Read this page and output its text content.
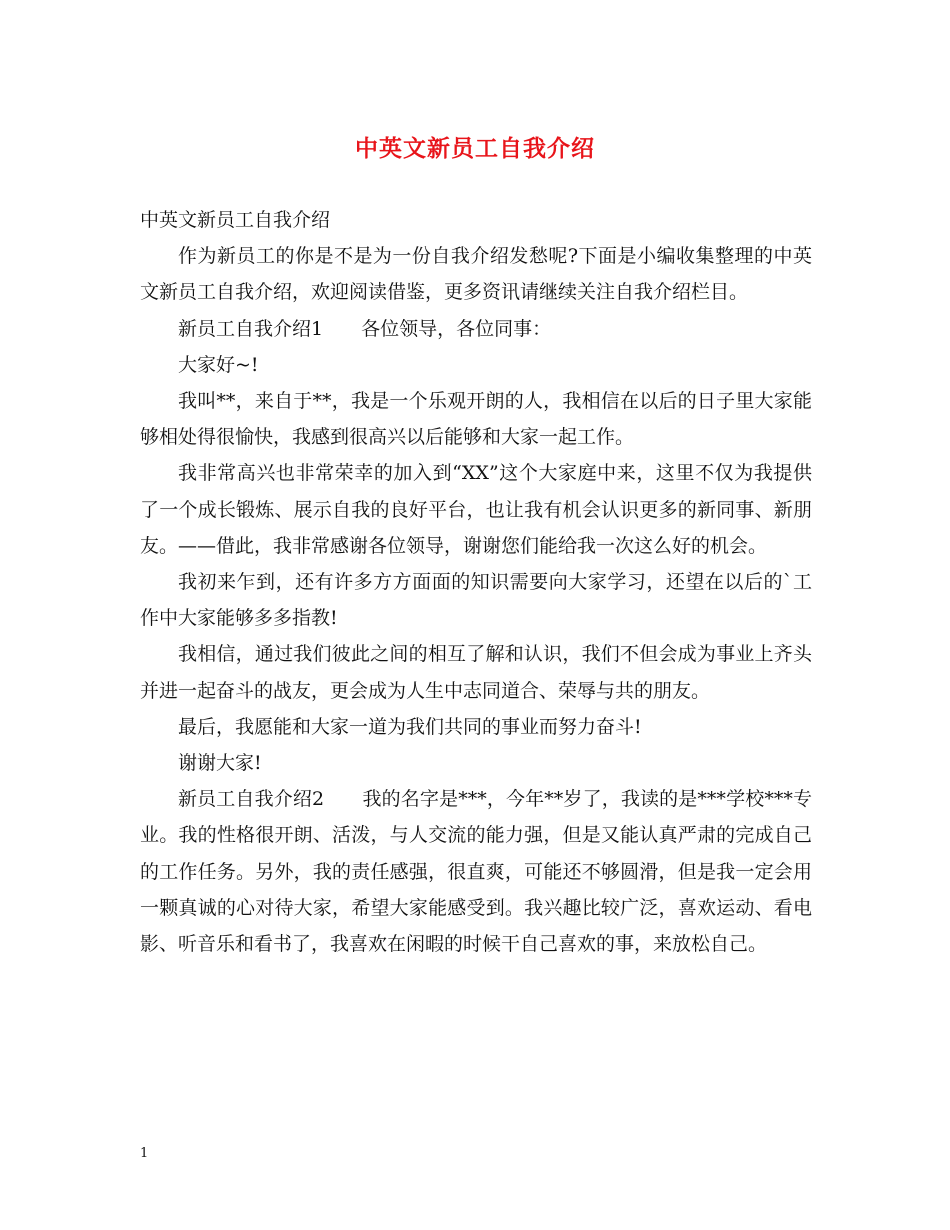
中英文新员工自我介绍

中英文新员工自我介绍

作为新员工的你是不是为一份自我介绍发愁呢?下面是小编收集整理的中英文新员工自我介绍，欢迎阅读借鉴，更多资讯请继续关注自我介绍栏目。

新员工自我介绍1　　各位领导，各位同事：

大家好~!

我叫**，来自于**，我是一个乐观开朗的人，我相信在以后的日子里大家能够相处得很愉快，我感到很高兴以后能够和大家一起工作。

我非常高兴也非常荣幸的加入到“XX”这个大家庭中来，这里不仅为我提供了一个成长锻炼、展示自我的良好平台，也让我有机会认识更多的新同事、新朋友。——借此，我非常感谢各位领导，谢谢您们能给我一次这么好的机会。

我初来乍到，还有许多方方面面的知识需要向大家学习，还望在以后的`工作中大家能够多多指教!

我相信，通过我们彼此之间的相互了解和认识，我们不但会成为事业上齐头并进一起奋斗的战友，更会成为人生中志同道合、荣辱与共的朋友。

最后，我愿能和大家一道为我们共同的事业而努力奋斗!

谢谢大家!

新员工自我介绍2　　我的名字是***，今年**岁了，我读的是***学校***专业。我的性格很开朗、活泼，与人交流的能力强，但是又能认真严肃的完成自己的工作任务。另外，我的责任感强，很直爽，可能还不够圆滑，但是我一定会用一颗真诚的心对待大家，希望大家能感受到。我兴趣比较广泛，喜欢运动、看电影、听音乐和看书了，我喜欢在闲暇的时候干自己喜欢的事，来放松自己。

1
